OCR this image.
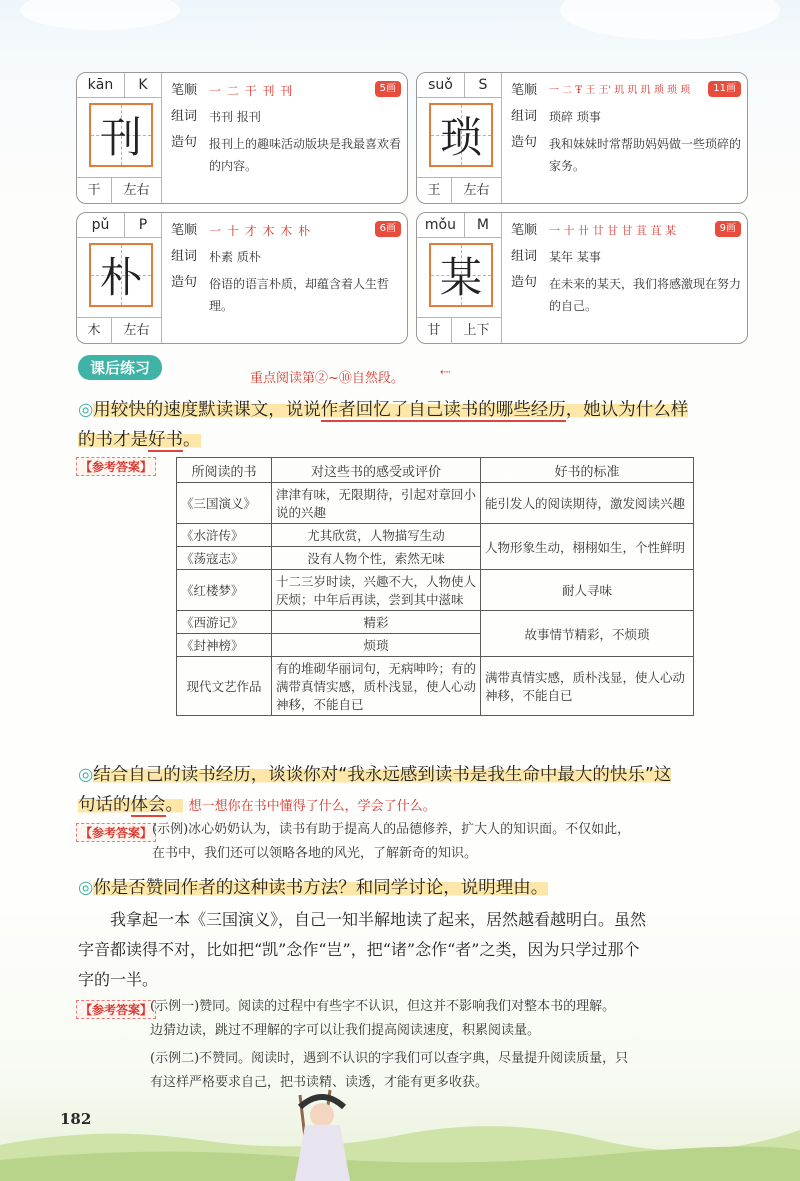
kān	K
刊
干	左右
笔顺 一 二 干 刊 刊
组词 书刊 报刊
造句 报刊上的趣味活动版块是我最喜欢看的内容。
5画	suǒ	S
琐
王	左右
笔顺	一 二 Ŧ 王 王' 玑 玑 玑 琐 琐 琐
组词 琐碎 琐事
造句 我和妹妹时常帮助妈妈做一些琐碎的家务。
11画
pǔ	P
朴
木	左右
笔顺 一 十 才 木 木 朴
组词 朴素 质朴
造句 俗语的语言朴质，却蕴含着人生哲理。
6画	mǒu	M
某
甘	上下
笔顺	一 十 卄 廿 甘 甘 苴 苴 某
组词 某年 某事
造句 在未来的某天，我们将感激现在努力的自己。
9画
课后练习
重点阅读第②~⑩自然段。	⇠
◎用较快的速度默读课文，说说作者回忆了自己读书的哪些经历，她认为什么样
的书才是好书。
【参考答案】	所阅读的书	对这些书的感受或评价	好书的标准
《三国演义》	津津有味，无限期待，引起对章回小说的兴趣	能引发人的阅读期待，激发阅读兴趣
《水浒传》	尤其欣赏，人物描写生动	人物形象生动，栩栩如生，个性鲜明
《荡寇志》	没有人物个性，索然无味	
《红楼梦》	十二三岁时读，兴趣不大，人物使人厌烦；中年后再读，尝到其中滋味	耐人寻味
《西游记》	精彩	故事情节精彩，不烦琐
《封神榜》	烦琐	
现代文艺作品	有的堆砌华丽词句，无病呻吟；有的满带真情实感，质朴浅显，使人心动神移，不能自已	满带真情实感，质朴浅显，使人心动神移，不能自已
◎结合自己的读书经历，谈谈你对“我永远感到读书是我生命中最大的快乐”这
句话的体会。 想一想你在书中懂得了什么，学会了什么。
【参考答案】 (示例)冰心奶奶认为，读书有助于提高人的品德修养，扩大人的知识面。不仅如此，
在书中，我们还可以领略各地的风光，了解新奇的知识。
◎你是否赞同作者的这种读书方法？和同学讨论，说明理由。
我拿起一本《三国演义》，自己一知半解地读了起来，居然越看越明白。虽然
字音都读得不对，比如把“凯”念作“岂”，把“诸”念作“者”之类，因为只学过那个
字的一半。
【参考答案】
(示例一)赞同。阅读的过程中有些字不认识，但这并不影响我们对整本书的理解。
边猜边读，跳过不理解的字可以让我们提高阅读速度，积累阅读量。
(示例二)不赞同。阅读时，遇到不认识的字我们可以查字典，尽量提升阅读质量，只
有这样严格要求自己，把书读精、读透，才能有更多收获。
182
